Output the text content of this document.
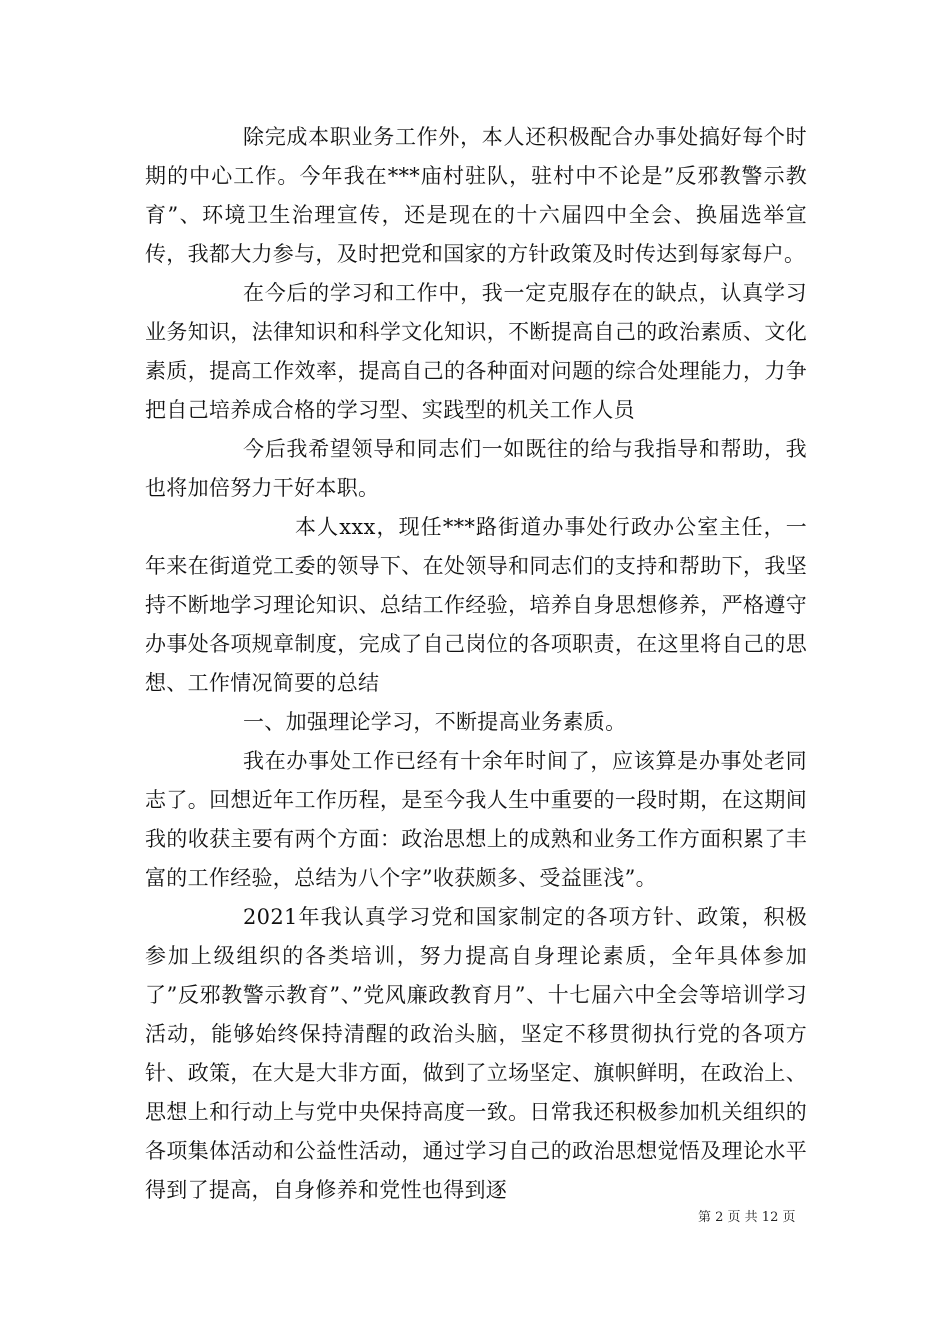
除完成本职业务工作外，本人还积极配合办事处搞好每个时期的中心工作。今年我在***庙村驻队，驻村中不论是”反邪教警示教育”、环境卫生治理宣传，还是现在的十六届四中全会、换届选举宣传，我都大力参与，及时把党和国家的方针政策及时传达到每家每户。

在今后的学习和工作中，我一定克服存在的缺点，认真学习业务知识，法律知识和科学文化知识，不断提高自己的政治素质、文化素质，提高工作效率，提高自己的各种面对问题的综合处理能力，力争把自己培养成合格的学习型、实践型的机关工作人员

今后我希望领导和同志们一如既往的给与我指导和帮助，我也将加倍努力干好本职。

本人xxx，现任***路街道办事处行政办公室主任，一年来在街道党工委的领导下、在处领导和同志们的支持和帮助下，我坚持不断地学习理论知识、总结工作经验，培养自身思想修养，严格遵守办事处各项规章制度，完成了自己岗位的各项职责，在这里将自己的思想、工作情况简要的总结

一、加强理论学习，不断提高业务素质。

我在办事处工作已经有十余年时间了，应该算是办事处老同志了。回想近年工作历程，是至今我人生中重要的一段时期，在这期间我的收获主要有两个方面：政治思想上的成熟和业务工作方面积累了丰富的工作经验，总结为八个字”收获颇多、受益匪浅”。

2021年我认真学习党和国家制定的各项方针、政策，积极参加上级组织的各类培训，努力提高自身理论素质，全年具体参加了”反邪教警示教育”、”党风廉政教育月”、十七届六中全会等培训学习活动，能够始终保持清醒的政治头脑，坚定不移贯彻执行党的各项方针、政策，在大是大非方面，做到了立场坚定、旗帜鲜明，在政治上、思想上和行动上与党中央保持高度一致。日常我还积极参加机关组织的各项集体活动和公益性活动，通过学习自己的政治思想觉悟及理论水平得到了提高，自身修养和党性也得到逐

第 2 页 共 12 页
